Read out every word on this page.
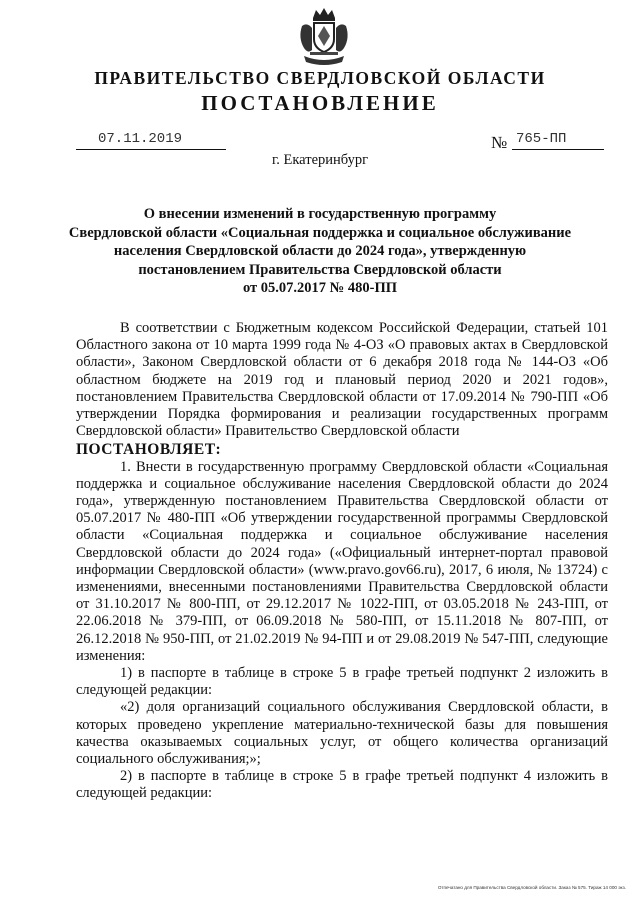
ПРАВИТЕЛЬСТВО СВЕРДЛОВСКОЙ ОБЛАСТИ
ПОСТАНОВЛЕНИЕ
07.11.2019	№ 765-ПП
г. Екатеринбург
О внесении изменений в государственную программу
Свердловской области «Социальная поддержка и социальное обслуживание
населения Свердловской области до 2024 года», утвержденную
постановлением Правительства Свердловской области
от 05.07.2017 № 480-ПП

В соответствии с Бюджетным кодексом Российской Федерации, статьей 101 Областного закона от 10 марта 1999 года № 4-ОЗ «О правовых актах в Свердловской области», Законом Свердловской области от 6 декабря 2018 года № 144-ОЗ «Об областном бюджете на 2019 год и плановый период 2020 и 2021 годов», постановлением Правительства Свердловской области от 17.09.2014 № 790-ПП «Об утверждении Порядка формирования и реализации государственных программ Свердловской области» Правительство Свердловской области

ПОСТАНОВЛЯЕТ:

1. Внести в государственную программу Свердловской области «Социальная поддержка и социальное обслуживание населения Свердловской области до 2024 года», утвержденную постановлением Правительства Свердловской области от 05.07.2017 № 480-ПП «Об утверждении государственной программы Свердловской области «Социальная поддержка и социальное обслуживание населения Свердловской области до 2024 года» («Официальный интернет-портал правовой информации Свердловской области» (www.pravo.gov66.ru), 2017, 6 июля, № 13724) с изменениями, внесенными постановлениями Правительства Свердловской области от 31.10.2017 № 800-ПП, от 29.12.2017 № 1022-ПП, от 03.05.2018 № 243-ПП, от 22.06.2018 № 379-ПП, от 06.09.2018 № 580-ПП, от 15.11.2018 № 807-ПП, от 26.12.2018 № 950-ПП, от 21.02.2019 № 94-ПП и от 29.08.2019 № 547-ПП, следующие изменения:

1) в паспорте в таблице в строке 5 в графе третьей подпункт 2 изложить в следующей редакции:

«2) доля организаций социального обслуживания Свердловской области, в которых проведено укрепление материально-технической базы для повышения качества оказываемых социальных услуг, от общего количества организаций социального обслуживания;»;

2) в паспорте в таблице в строке 5 в графе третьей подпункт 4 изложить в следующей редакции:

Отпечатано для Правительства Свердловской области. Заказ № 575. Тираж 14 000 экз.
